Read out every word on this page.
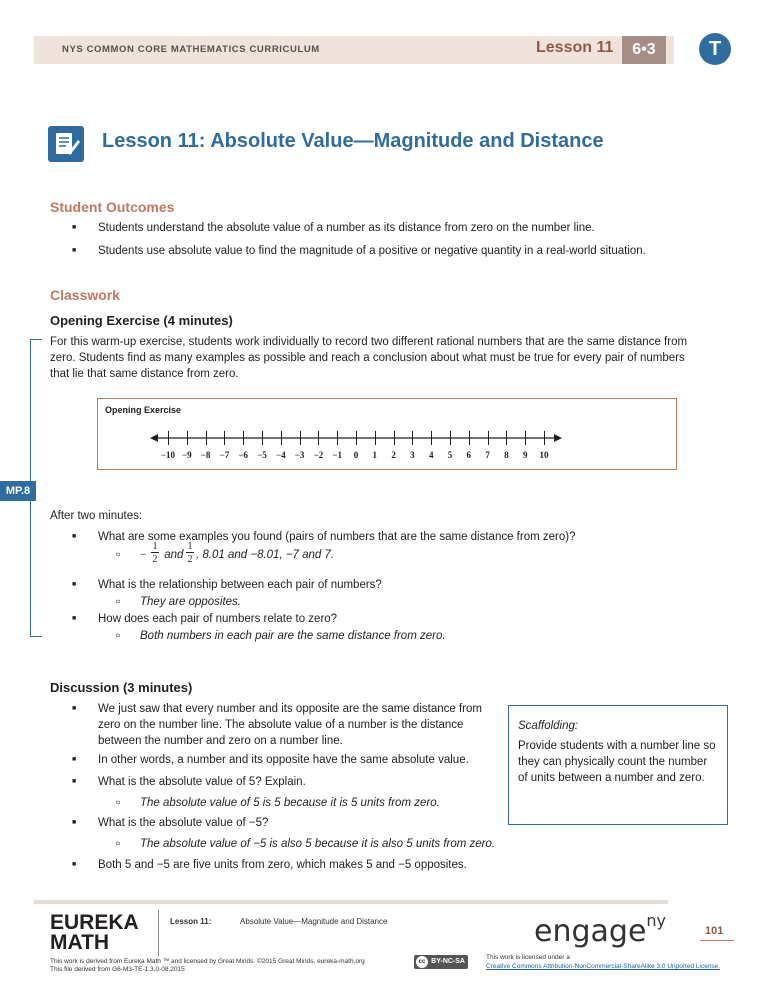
NYS COMMON CORE MATHEMATICS CURRICULUM	Lesson 11	6•3	T
Lesson 11: Absolute Value—Magnitude and Distance
Student Outcomes
■ Students understand the absolute value of a number as its distance from zero on the number line.
■ Students use absolute value to find the magnitude of a positive or negative quantity in a real-world situation.
Classwork
Opening Exercise (4 minutes)
For this warm-up exercise, students work individually to record two different rational numbers that are the same distance from zero. Students find as many examples as possible and reach a conclusion about what must be true for every pair of numbers that lie that same distance from zero.
MP.8
Opening Exercise
−10 −9	−8	−7	−6	−5	−4	−3	−2	−1	0	1	2	3	4	5	6	7	8	9	10
After two minutes:
■ What are some examples you found (pairs of numbers that are the same distance from zero)?
▫ −
1
2 and
1
2 , 8.01 and −8.01, −7 and 7.
■ What is the relationship between each pair of numbers?
▫ They are opposites.
■ How does each pair of numbers relate to zero?
▫ Both numbers in each pair are the same distance from zero.
Discussion (3 minutes)
■ We just saw that every number and its opposite are the same distance from zero on the number line. The absolute value of a number is the distance between the number and zero on a number line.
■ In other words, a number and its opposite have the same absolute value.
■ What is the absolute value of 5? Explain.
▫ The absolute value of 5 is 5 because it is 5 units from zero.
■ What is the absolute value of −5?
▫ The absolute value of −5 is also 5 because it is also 5 units from zero.
■ Both 5 and −5 are five units from zero, which makes 5 and −5 opposites.
Scaffolding:
Provide students with a number line so they can physically count the number of units between a number and zero.
EUREKA
MATH
Lesson 11:	Absolute Value—Magnitude and Distance	engage$^{ny}$
101
This work is derived from Eureka Math ™ and licensed by Great Minds. ©2015 Great Minds. eureka-math.org
This file derived from G6-M3-TE-1.3.0-08.2015
cc BY-NC-SA
This work is licensed under a
Creative Commons Attribution-NonCommercial-ShareAlike 3.0 Unported License.
